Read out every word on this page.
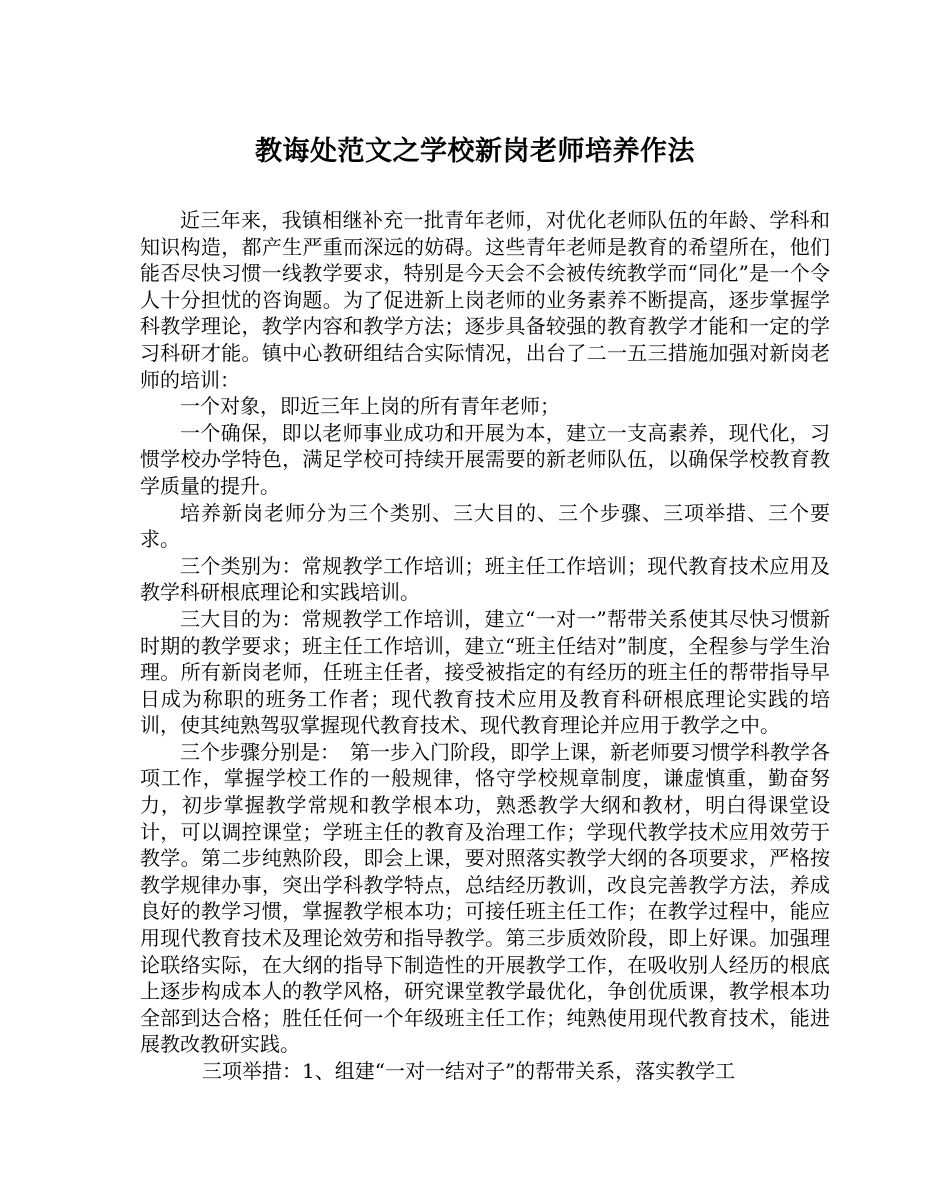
教诲处范文之学校新岗老师培养作法

近三年来，我镇相继补充一批青年老师，对优化老师队伍的年龄、学科和知识构造，都产生严重而深远的妨碍。这些青年老师是教育的希望所在，他们能否尽快习惯一线教学要求，特别是今天会不会被传统教学而“同化”是一个令人十分担忧的咨询题。为了促进新上岗老师的业务素养不断提高，逐步掌握学科教学理论，教学内容和教学方法；逐步具备较强的教育教学才能和一定的学习科研才能。镇中心教研组结合实际情况，出台了二一五三措施加强对新岗老师的培训：

一个对象，即近三年上岗的所有青年老师；

一个确保，即以老师事业成功和开展为本，建立一支高素养，现代化，习惯学校办学特色，满足学校可持续开展需要的新老师队伍，以确保学校教育教学质量的提升。

培养新岗老师分为三个类别、三大目的、三个步骤、三项举措、三个要求。

三个类别为：常规教学工作培训；班主任工作培训；现代教育技术应用及教学科研根底理论和实践培训。

三大目的为：常规教学工作培训，建立“一对一”帮带关系使其尽快习惯新时期的教学要求；班主任工作培训，建立“班主任结对”制度，全程参与学生治理。所有新岗老师，任班主任者，接受被指定的有经历的班主任的帮带指导早日成为称职的班务工作者；现代教育技术应用及教育科研根底理论实践的培训，使其纯熟驾驭掌握现代教育技术、现代教育理论并应用于教学之中。

三个步骤分别是：　第一步入门阶段，即学上课，新老师要习惯学科教学各项工作，掌握学校工作的一般规律，恪守学校规章制度，谦虚慎重，勤奋努力，初步掌握教学常规和教学根本功，熟悉教学大纲和教材，明白得课堂设计，可以调控课堂；学班主任的教育及治理工作；学现代教学技术应用效劳于教学。第二步纯熟阶段，即会上课，要对照落实教学大纲的各项要求，严格按教学规律办事，突出学科教学特点，总结经历教训，改良完善教学方法，养成良好的教学习惯，掌握教学根本功；可接任班主任工作；在教学过程中，能应用现代教育技术及理论效劳和指导教学。第三步质效阶段，即上好课。加强理论联络实际，在大纲的指导下制造性的开展教学工作，在吸收别人经历的根底上逐步构成本人的教学风格，研究课堂教学最优化，争创优质课，教学根本功全部到达合格；胜任任何一个年级班主任工作；纯熟使用现代教育技术，能进展教改教研实践。

三项举措：1、组建“一对一结对子”的帮带关系，落实教学工
